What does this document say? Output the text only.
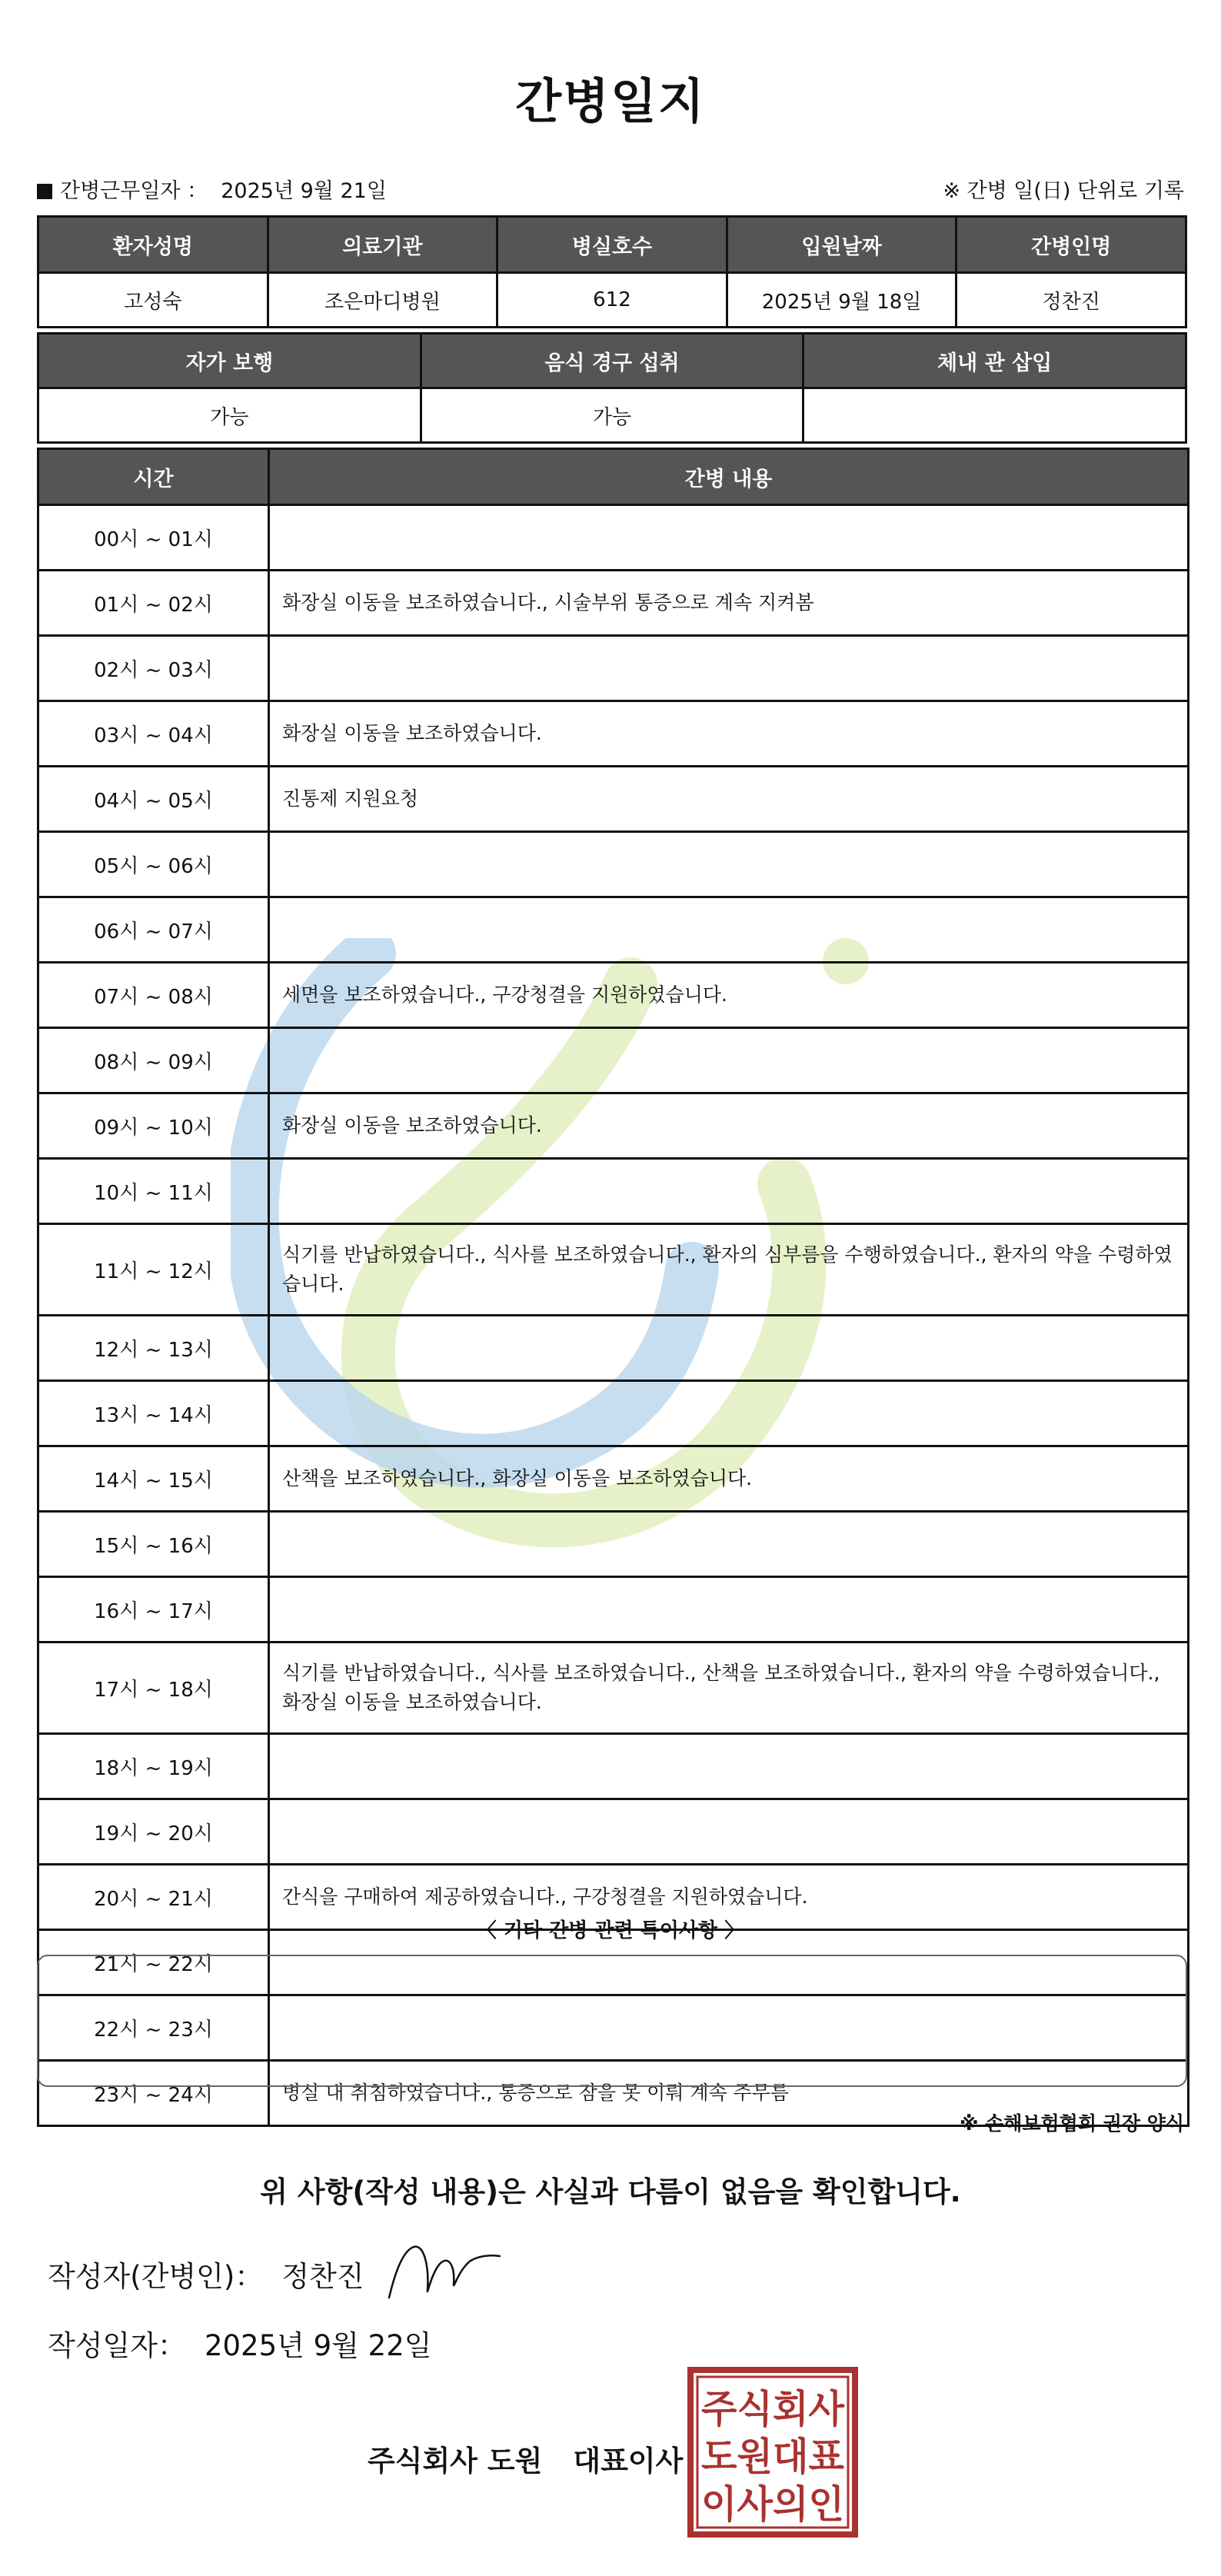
간병일지
간병근무일자 ： 2025년 9월 21일	※ 간병 일(日) 단위로 기록
환자성명	의료기관	병실호수	입원날짜	간병인명
고성숙	조은마디병원	612	2025년 9월 18일	정찬진
자가 보행	음식 경구 섭취	체내 관 삽입
가능	가능	
시간	간병 내용
00시 ~ 01시	
01시 ~ 02시	화장실 이동을 보조하였습니다., 시술부위 통증으로 계속 지켜봄
02시 ~ 03시	
03시 ~ 04시	화장실 이동을 보조하였습니다.
04시 ~ 05시	진통제 지원요청
05시 ~ 06시	
06시 ~ 07시	
07시 ~ 08시	세면을 보조하였습니다., 구강청결을 지원하였습니다.
08시 ~ 09시	
09시 ~ 10시	화장실 이동을 보조하였습니다.
10시 ~ 11시	
11시 ~ 12시	식기를 반납하였습니다., 식사를 보조하였습니다., 환자의 심부름을 수행하였습니다., 환자의 약을 수령하였습니다.
12시 ~ 13시	
13시 ~ 14시	
14시 ~ 15시	산책을 보조하였습니다., 화장실 이동을 보조하였습니다.
15시 ~ 16시	
16시 ~ 17시	
17시 ~ 18시	식기를 반납하였습니다., 식사를 보조하였습니다., 산책을 보조하였습니다., 환자의 약을 수령하였습니다., 화장실 이동을 보조하였습니다.
18시 ~ 19시	
19시 ~ 20시	
20시 ~ 21시	간식을 구매하여 제공하였습니다., 구강청결을 지원하였습니다.
21시 ~ 22시	
22시 ~ 23시	
23시 ~ 24시	병실 내 취침하였습니다., 통증으로 잠을 못 이뤄 계속 주무름
〈 기타 간병 관련 특이사항 〉
※ 손해보험협회 권장 양식
위 사항(작성 내용)은 사실과 다름이 없음을 확인합니다.
작성자(간병인)： 정찬진
작성일자： 2025년 9월 22일
주식회사 도원 대표이사
주식회사
도원대표
이사의인
